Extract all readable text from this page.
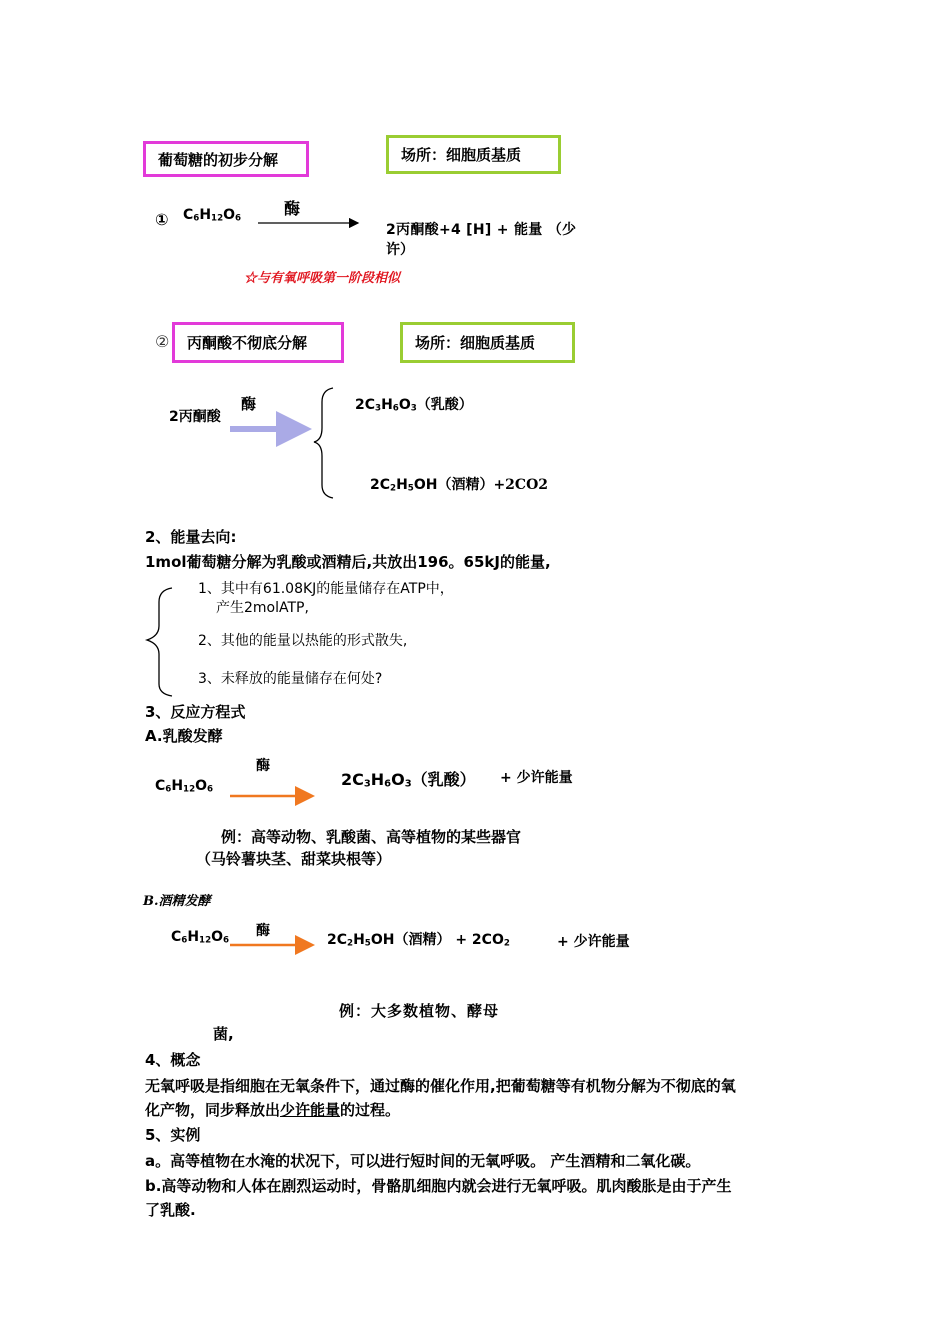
葡萄糖的初步分解	场所：细胞质基质
① $C_6H_{12}O_6$
酶
2丙酮酸+4 [H] + 能量 （少
许）
☆与有氧呼吸第一阶段相似
② 丙酮酸不彻底分解	场所：细胞质基质
2丙酮酸
酶	$2C_3H_6O_3$（乳酸）
$2C_2H_5OH$（酒精）+2CO2
2、能量去向:
1mol葡萄糖分解为乳酸或酒精后,共放出196。65kJ的能量,
1、其中有61.08KJ的能量储存在ATP中，
产生2molATP,
2、其他的能量以热能的形式散失,
3、未释放的能量储存在何处?
3、反应方程式
A.乳酸发酵
酶
$C_6H_{12}O_6$
$2C_3H_6O_3$（乳酸） + 少许能量
例：高等动物、乳酸菌、高等植物的某些器官
（马铃薯块茎、甜菜块根等）
B.酒精发酵
酶
$C_6H_{12}O_6$	$2C_2H_5OH$（酒精） + $2CO_2$	+ 少许能量
例：大多数植物、酵母
菌,
4、概念
无氧呼吸是指细胞在无氧条件下，通过酶的催化作用,把葡萄糖等有机物分解为不彻底的氧
化产物，同步释放出少许能量的过程。
5、实例
a。高等植物在水淹的状况下，可以进行短时间的无氧呼吸。 产生酒精和二氧化碳。
b.高等动物和人体在剧烈运动时，骨骼肌细胞内就会进行无氧呼吸。肌肉酸胀是由于产生
了乳酸.
